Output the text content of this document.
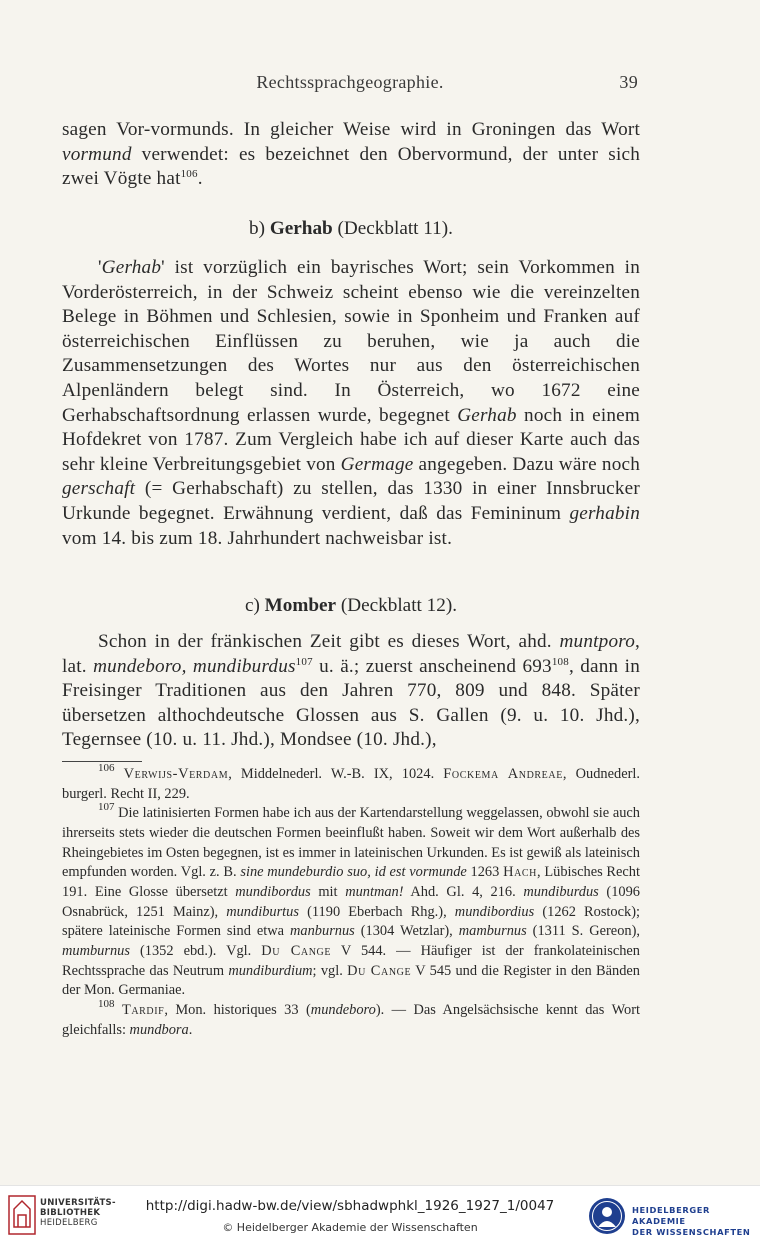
Rechtssprachgeographie.	39

sagen Vor-vormunds. In gleicher Weise wird in Groningen das Wort vormund verwendet: es bezeichnet den Obervormund, der unter sich zwei Vögte hat$^{106}$.

b) Gerhab (Deckblatt 11).

'Gerhab' ist vorzüglich ein bayrisches Wort; sein Vorkommen in Vorderösterreich, in der Schweiz scheint ebenso wie die vereinzelten Belege in Böhmen und Schlesien, sowie in Sponheim und Franken auf österreichischen Einflüssen zu beruhen, wie ja auch die Zusammensetzungen des Wortes nur aus den österreichischen Alpenländern belegt sind. In Österreich, wo 1672 eine Gerhabschaftsordnung erlassen wurde, begegnet Gerhab noch in einem Hofdekret von 1787. Zum Vergleich habe ich auf dieser Karte auch das sehr kleine Verbreitungsgebiet von Germage angegeben. Dazu wäre noch gerschaft (= Gerhabschaft) zu stellen, das 1330 in einer Innsbrucker Urkunde begegnet. Erwähnung verdient, daß das Femininum gerhabin vom 14. bis zum 18. Jahrhundert nachweisbar ist.

c) Momber (Deckblatt 12).

Schon in der fränkischen Zeit gibt es dieses Wort, ahd. muntporo, lat. mundeboro, mundiburdus$^{107}$ u. ä.; zuerst anscheinend $693^{108}$, dann in Freisinger Traditionen aus den Jahren 770, 809 und 848. Später übersetzen althochdeutsche Glossen aus S. Gallen (9. u. 10. Jhd.), Tegernsee (10. u. 11. Jhd.), Mondsee (10. Jhd.),

$^{106}$ Verwijs-Verdam, Middelnederl. W.-B. IX, 1024. Fockema Andreae, Oudnederl. burgerl. Recht II, 229.

$^{107}$ Die latinisierten Formen habe ich aus der Kartendarstellung weggelassen, obwohl sie auch ihrerseits stets wieder die deutschen Formen beeinflußt haben. Soweit wir dem Wort außerhalb des Rheingebietes im Osten begegnen, ist es immer in lateinischen Urkunden. Es ist gewiß als lateinisch empfunden worden. Vgl. z. B. sine mundeburdio suo, id est vormunde 1263 Hach, Lübisches Recht 191. Eine Glosse übersetzt mundibordus mit muntman! Ahd. Gl. 4, 216. mundiburdus (1096 Osnabrück, 1251 Mainz), mundiburtus (1190 Eberbach Rhg.), mundibordius (1262 Rostock); spätere lateinische Formen sind etwa manburnus (1304 Wetzlar), mamburnus (1311 S. Gereon), mumburnus (1352 ebd.). Vgl. Du Cange V 544. — Häufiger ist der frankolateinischen Rechtssprache das Neutrum mundiburdium; vgl. Du Cange V 545 und die Register in den Bänden der Mon. Germaniae.

$^{108}$ Tardif, Mon. historiques 33 (mundeboro). — Das Angelsächsische kennt das Wort gleichfalls: mundbora.

UNIVERSITÄTS-
BIBLIOTHEK
HEIDELBERG
http://digi.hadw-bw.de/view/sbhadwphkl_1926_1927_1/0047
© Heidelberger Akademie der Wissenschaften
HEIDELBERGER AKADEMIE
DER WISSENSCHAFTEN
